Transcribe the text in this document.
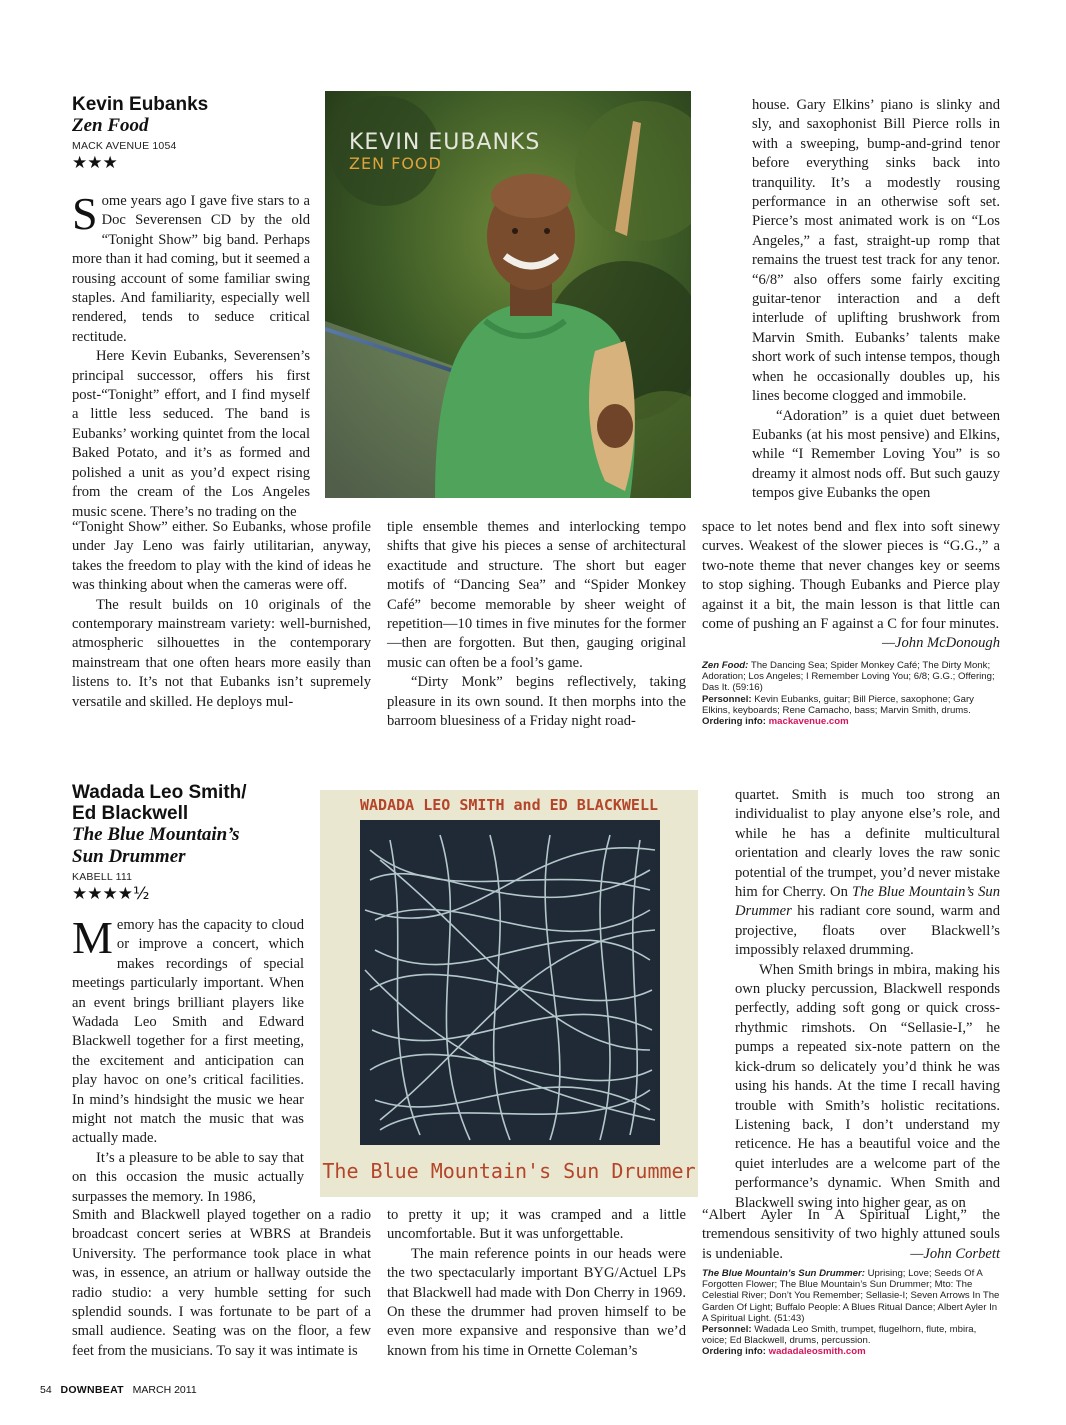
Kevin Eubanks
Zen Food
MACK AVENUE 1054
★★★

Some years ago I gave five stars to a Doc Severensen CD by the old “Tonight Show” big band. Perhaps more than it had coming, but it seemed a rousing account of some familiar swing staples. And familiarity, especially well rendered, tends to seduce critical rectitude.

Here Kevin Eubanks, Severensen’s principal successor, offers his first post-“Tonight” effort, and I find myself a little less seduced. The band is Eubanks’ working quintet from the local Baked Potato, and it’s as formed and polished a unit as you’d expect rising from the cream of the Los Angeles music scene. There’s no trading on the

KEVIN EUBANKS
ZEN FOOD

“Tonight Show” either. So Eubanks, whose profile under Jay Leno was fairly utilitarian, anyway, takes the freedom to play with the kind of ideas he was thinking about when the cameras were off.

The result builds on 10 originals of the contemporary mainstream variety: well-burnished, atmospheric silhouettes in the contemporary mainstream that one often hears more easily than listens to. It’s not that Eubanks isn’t supremely versatile and skilled. He deploys mul-

tiple ensemble themes and interlocking tempo shifts that give his pieces a sense of architectural exactitude and structure. The short but eager motifs of “Dancing Sea” and “Spider Monkey Café” become memorable by sheer weight of repetition—10 times in five minutes for the former —then are forgotten. But then, gauging original music can often be a fool’s game.

“Dirty Monk” begins reflectively, taking pleasure in its own sound. It then morphs into the barroom bluesiness of a Friday night road-

house. Gary Elkins’ piano is slinky and sly, and saxophonist Bill Pierce rolls in with a sweeping, bump-and-grind tenor before everything sinks back into tranquility. It’s a modestly rousing performance in an otherwise soft set. Pierce’s most animated work is on “Los Angeles,” a fast, straight-up romp that remains the truest test track for any tenor. “6/8” also offers some fairly exciting guitar-tenor interaction and a deft interlude of uplifting brushwork from Marvin Smith. Eubanks’ talents make short work of such intense tempos, though when he occasionally doubles up, his lines become clogged and immobile.

“Adoration” is a quiet duet between Eubanks (at his most pensive) and Elkins, while “I Remember Loving You” is so dreamy it almost nods off. But such gauzy tempos give Eubanks the open

space to let notes bend and flex into soft sinewy curves. Weakest of the slower pieces is “G.G.,” a two-note theme that never changes key or seems to stop sighing. Though Eubanks and Pierce play against it a bit, the main lesson is that little can come of pushing an F against a C for four minutes.
—John McDonough

Zen Food: The Dancing Sea; Spider Monkey Café; The Dirty Monk; Adoration; Los Angeles; I Remember Loving You; 6/8; G.G.; Offering; Das It. (59:16)
Personnel: Kevin Eubanks, guitar; Bill Pierce, saxophone; Gary Elkins, keyboards; Rene Camacho, bass; Marvin Smith, drums.
Ordering info: mackavenue.com
Wadada Leo Smith/
Ed Blackwell
The Blue Mountain’s
Sun Drummer
KABELL 111
★★★★½

Memory has the capacity to cloud or improve a concert, which makes recordings of special meetings particularly important. When an event brings brilliant players like Wadada Leo Smith and Edward Blackwell together for a first meeting, the excitement and anticipation can play havoc on one’s critical facilities. In mind’s hindsight the music we hear might not match the music that was actually made.

It’s a pleasure to be able to say that on this occasion the music actually surpasses the memory. In 1986,

WADADA LEO SMITH and ED BLACKWELL
The Blue Mountain's Sun Drummer

Smith and Blackwell played together on a radio broadcast concert series at WBRS at Brandeis University. The performance took place in what was, in essence, an atrium or hallway outside the radio studio: a very humble setting for such splendid sounds. I was fortunate to be part of a small audience. Seating was on the floor, a few feet from the musicians. To say it was intimate is

to pretty it up; it was cramped and a little uncomfortable. But it was unforgettable.

The main reference points in our heads were the two spectacularly important BYG/Actuel LPs that Blackwell had made with Don Cherry in 1969. On these the drummer had proven himself to be even more expansive and responsive than we’d known from his time in Ornette Coleman’s

quartet. Smith is much too strong an individualist to play anyone else’s role, and while he has a definite multicultural orientation and clearly loves the raw sonic potential of the trumpet, you’d never mistake him for Cherry. On The Blue Mountain’s Sun Drummer his radiant core sound, warm and projective, floats over Blackwell’s impossibly relaxed drumming.

When Smith brings in mbira, making his own plucky percussion, Blackwell responds perfectly, adding soft gong or quick cross-rhythmic rimshots. On “Sellasie-I,” he pumps a repeated six-note pattern on the kick-drum so delicately you’d think he was using his hands. At the time I recall having trouble with Smith’s holistic recitations. Listening back, I don’t understand my reticence. He has a beautiful voice and the quiet interludes are a welcome part of the performance’s dynamic. When Smith and Blackwell swing into higher gear, as on

“Albert Ayler In A Spiritual Light,” the tremendous sensitivity of two highly attuned souls is undeniable.	—John Corbett

The Blue Mountain’s Sun Drummer: Uprising; Love; Seeds Of A Forgotten Flower; The Blue Mountain’s Sun Drummer; Mto: The Celestial River; Don’t You Remember; Sellasie-I; Seven Arrows In The Garden Of Light; Buffalo People: A Blues Ritual Dance; Albert Ayler In A Spiritual Light. (51:43)
Personnel: Wadada Leo Smith, trumpet, flugelhorn, flute, mbira, voice; Ed Blackwell, drums, percussion.
Ordering info: wadadaleosmith.com
54 DOWNBEAT MARCH 2011
